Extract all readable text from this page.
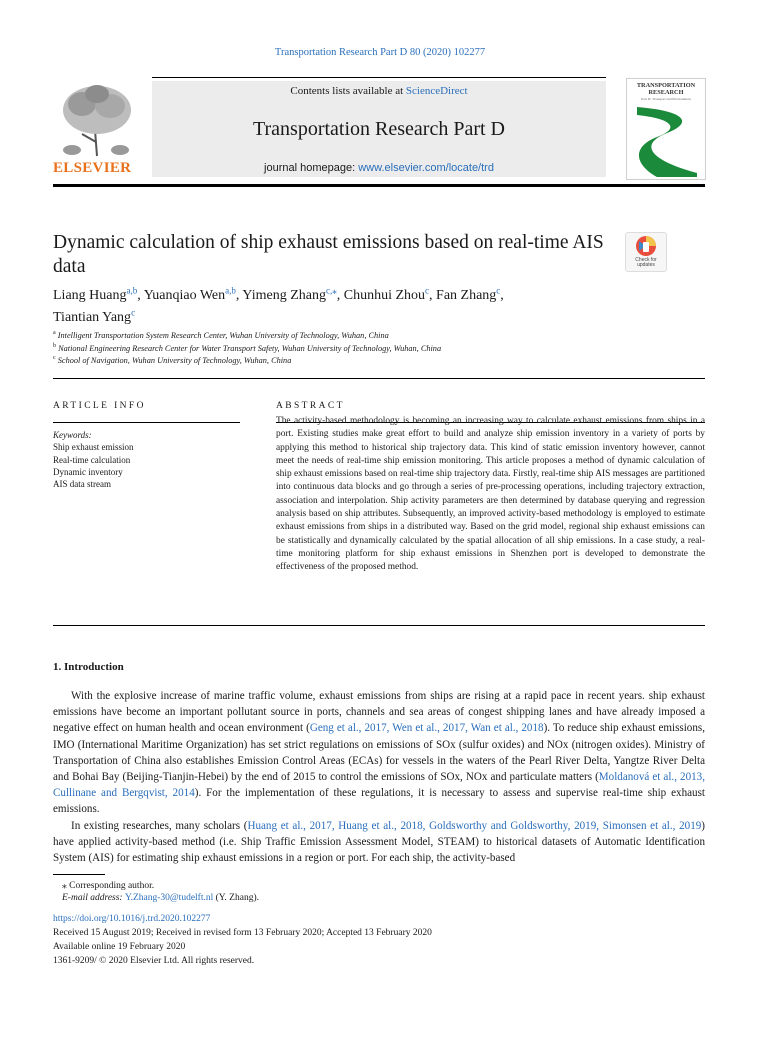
Transportation Research Part D 80 (2020) 102277
ELSEVIER
Contents lists available at ScienceDirect
Transportation Research Part D
journal homepage: www.elsevier.com/locate/trd
TRANSPORTATION RESEARCH
Part D: Transport and Environment
Dynamic calculation of ship exhaust emissions based on real-time AIS data	Check for updates
Liang Huang$^{a,b}$, Yuanqiao Wen$^{a,b}$, Yimeng Zhang$^{c,⁎}$, Chunhui Zhou$^c$, Fan Zhang$^c$,
Tiantian Yang$^c$
$^a$ Intelligent Transportation System Research Center, Wuhan University of Technology, Wuhan, China
$^b$ National Engineering Research Center for Water Transport Safety, Wuhan University of Technology, Wuhan, China
$^c$ School of Navigation, Wuhan University of Technology, Wuhan, China
ARTICLE INFO	ABSTRACT
Keywords:
Ship exhaust emission
Real-time calculation
Dynamic inventory
AIS data stream
The activity-based methodology is becoming an increasing way to calculate exhaust emissions from ships in a port. Existing studies make great effort to build and analyze ship emission inventory in a variety of ports by applying this method to historical ship trajectory data. This kind of static emission inventory however, cannot meet the needs of real-time ship emission monitoring. This article proposes a method of dynamic calculation of ship exhaust emissions based on real-time ship trajectory data. Firstly, real-time ship AIS messages are partitioned into continuous data blocks and go through a series of pre-processing operations, including trajectory extraction, association and interpolation. Ship activity parameters are then determined by database querying and regression analysis based on ship attributes. Subsequently, an improved activity-based methodology is employed to estimate exhaust emissions from ships in a distributed way. Based on the grid model, regional ship exhaust emissions can be statistically and dynamically calculated by the spatial allocation of all ship emissions. In a case study, a real-time monitoring platform for ship exhaust emissions in Shenzhen port is developed to demonstrate the effectiveness of the proposed method.
1. Introduction

With the explosive increase of marine traffic volume, exhaust emissions from ships are rising at a rapid pace in recent years. ship exhaust emissions have become an important pollutant source in ports, channels and sea areas of congest shipping lanes and have already imposed a negative effect on human health and ocean environment (Geng et al., 2017, Wen et al., 2017, Wan et al., 2018). To reduce ship exhaust emissions, IMO (International Maritime Organization) has set strict regulations on emissions of SOx (sulfur oxides) and NOx (nitrogen oxides). Ministry of Transportation of China also establishes Emission Control Areas (ECAs) for vessels in the waters of the Pearl River Delta, Yangtze River Delta and Bohai Bay (Beijing-Tianjin-Hebei) by the end of 2015 to control the emissions of SOx, NOx and particulate matters (Moldanová et al., 2013, Cullinane and Bergqvist, 2014). For the implementation of these regulations, it is necessary to assess and supervise real-time ship exhaust emissions.

In existing researches, many scholars (Huang et al., 2017, Huang et al., 2018, Goldsworthy and Goldsworthy, 2019, Simonsen et al., 2019) have applied activity-based method (i.e. Ship Traffic Emission Assessment Model, STEAM) to historical datasets of Automatic Identification System (AIS) for estimating ship exhaust emissions in a region or port. For each ship, the activity-based

⁎ Corresponding author.
E-mail address: Y.Zhang-30@tudelft.nl (Y. Zhang).
https://doi.org/10.1016/j.trd.2020.102277
Received 15 August 2019; Received in revised form 13 February 2020; Accepted 13 February 2020
Available online 19 February 2020
1361-9209/ © 2020 Elsevier Ltd. All rights reserved.
